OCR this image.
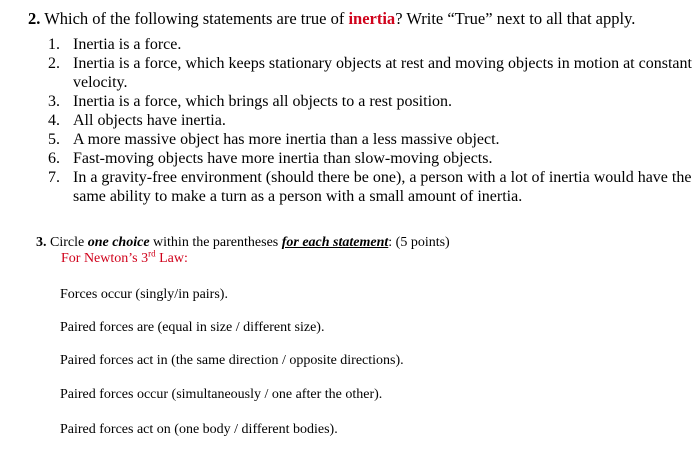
2. Which of the following statements are true of inertia? Write “True” next to all that apply.
1. Inertia is a force.
2. Inertia is a force, which keeps stationary objects at rest and moving objects in motion at constant velocity.
3. Inertia is a force, which brings all objects to a rest position.
4. All objects have inertia.
5. A more massive object has more inertia than a less massive object.
6. Fast-moving objects have more inertia than slow-moving objects.
7. In a gravity-free environment (should there be one), a person with a lot of inertia would have the same ability to make a turn as a person with a small amount of inertia.
3. Circle one choice within the parentheses for each statement: (5 points)
For Newton’s 3rd Law:
Forces occur (singly/in pairs).
Paired forces are (equal in size / different size).
Paired forces act in (the same direction / opposite directions).
Paired forces occur (simultaneously / one after the other).
Paired forces act on (one body / different bodies).
